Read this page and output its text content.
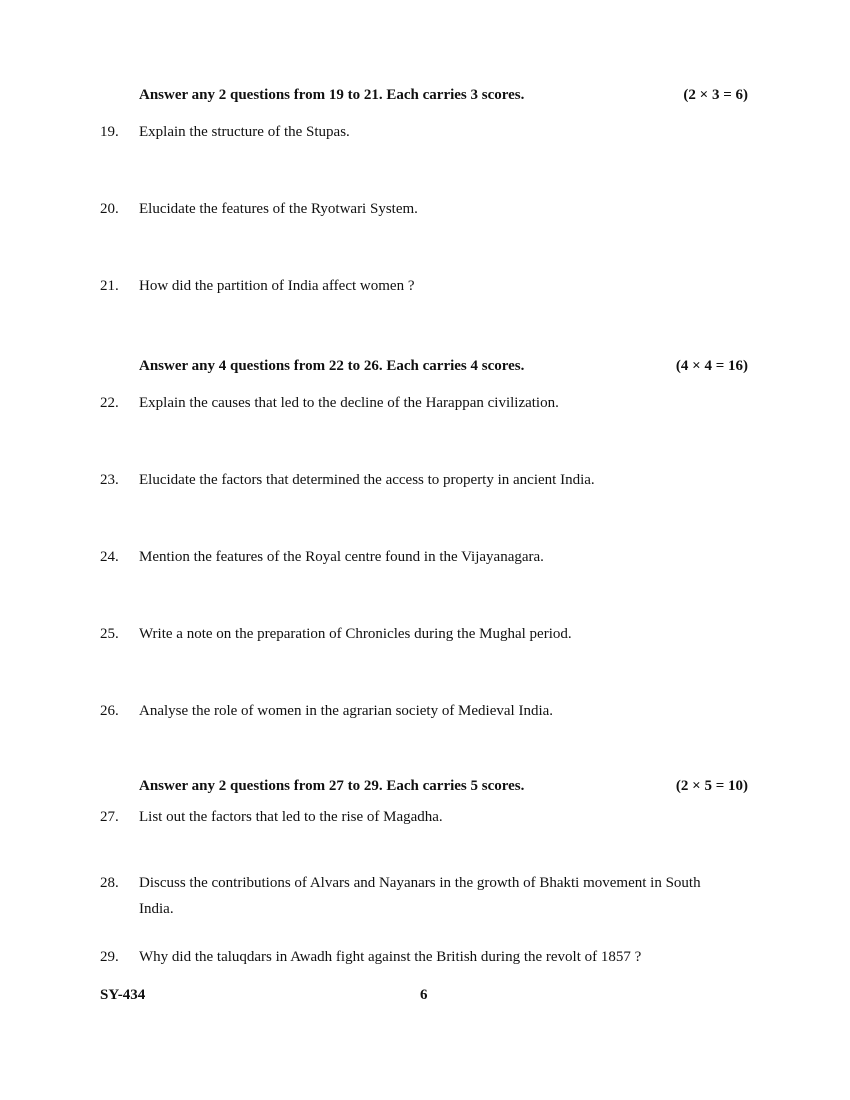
Answer any 2 questions from 19 to 21. Each carries 3 scores.	(2 × 3 = 6)
19. Explain the structure of the Stupas.
20. Elucidate the features of the Ryotwari System.
21. How did the partition of India affect women ?
Answer any 4 questions from 22 to 26. Each carries 4 scores.	(4 × 4 = 16)
22. Explain the causes that led to the decline of the Harappan civilization.
23. Elucidate the factors that determined the access to property in ancient India.
24. Mention the features of the Royal centre found in the Vijayanagara.
25. Write a note on the preparation of Chronicles during the Mughal period.
26. Analyse the role of women in the agrarian society of Medieval India.
Answer any 2 questions from 27 to 29. Each carries 5 scores.	(2 × 5 = 10)
27. List out the factors that led to the rise of Magadha.
28. Discuss the contributions of Alvars and Nayanars in the growth of Bhakti movement in South India.
29. Why did the taluqdars in Awadh fight against the British during the revolt of 1857 ?
SY-434	6
